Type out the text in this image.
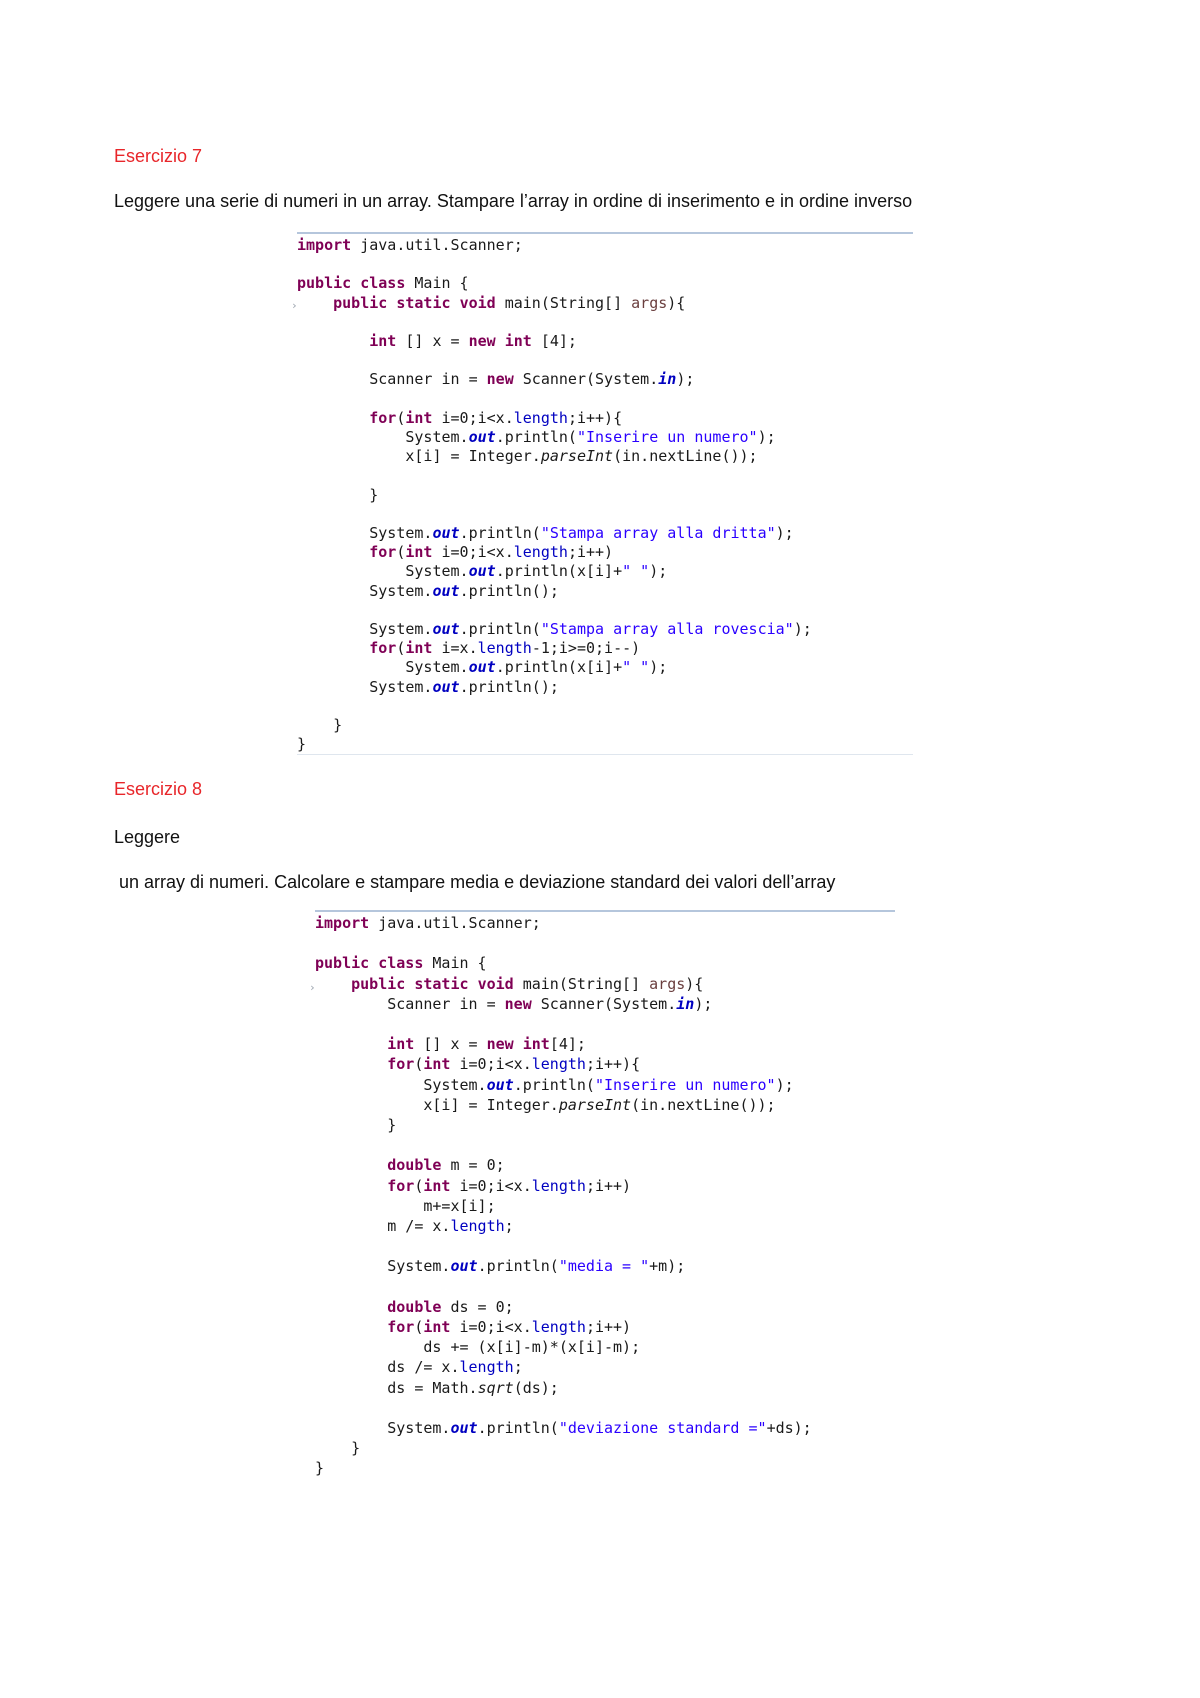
Esercizio 7
Leggere una serie di numeri in un array. Stampare l’array in ordine di inserimento e in ordine inverso
›
import java.util.Scanner;
public class Main {
public static void main(String[] args){
int [] x = new int [4];
Scanner in = new Scanner(System.in);
for(int i=0;i<x.length;i++){
System.out.println("Inserire un numero");
x[i] = Integer.parseInt(in.nextLine());
}
System.out.println("Stampa array alla dritta");
for(int i=0;i<x.length;i++)
System.out.println(x[i]+" ");
System.out.println();
System.out.println("Stampa array alla rovescia");
for(int i=x.length-1;i>=0;i--)
System.out.println(x[i]+" ");
System.out.println();
}
}
Esercizio 8
Leggere
un array di numeri. Calcolare e stampare media e deviazione standard dei valori dell’array
›
import java.util.Scanner;
public class Main {
public static void main(String[] args){
Scanner in = new Scanner(System.in);
int [] x = new int[4];
for(int i=0;i<x.length;i++){
System.out.println("Inserire un numero");
x[i] = Integer.parseInt(in.nextLine());
}
double m = 0;
for(int i=0;i<x.length;i++)
m+=x[i];
m /= x.length;
System.out.println("media = "+m);
double ds = 0;
for(int i=0;i<x.length;i++)
ds += (x[i]-m)*(x[i]-m);
ds /= x.length;
ds = Math.sqrt(ds);
System.out.println("deviazione standard ="+ds);
}
}
